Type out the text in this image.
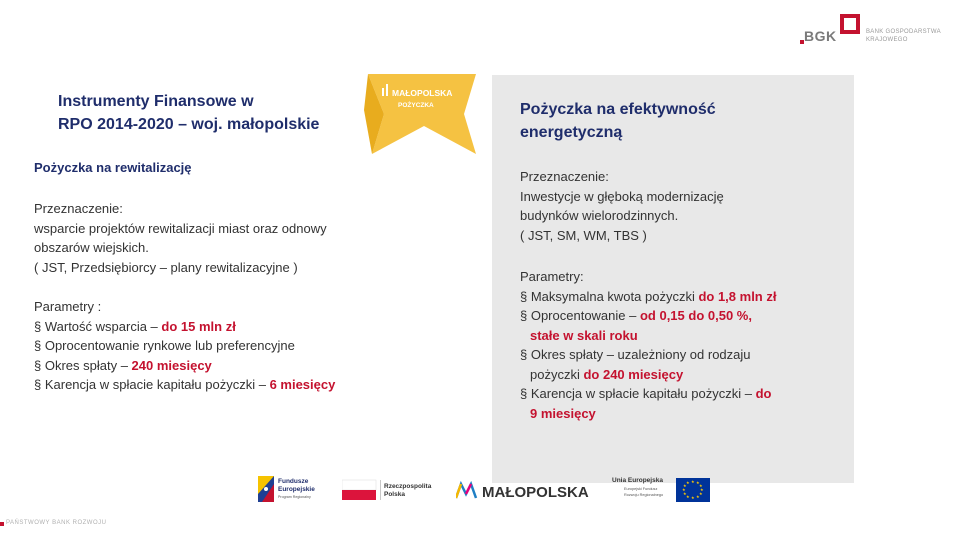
BGK	BANK GOSPODARSTWA
KRAJOWEGO
Instrumenty Finansowe w
RPO 2014-2020 – woj. małopolskie
Pożyczka na rewitalizację
Przeznaczenie:
wsparcie projektów rewitalizacji miast oraz odnowy obszarów wiejskich.
( JST, Przedsiębiorcy – plany rewitalizacyjne )
Parametry :
§ Wartość wsparcia – do 15 mln zł
§ Oprocentowanie rynkowe lub preferencyjne
§ Okres spłaty – 240 miesięcy
§ Karencja w spłacie kapitału pożyczki – 6 miesięcy
MAŁOPOLSKA
POŻYCZKA	Pożyczka na efektywność
energetyczną
Przeznaczenie:
Inwestycje w głęboką modernizację
budynków wielorodzinnych.
( JST, SM, WM, TBS )
Parametry:
§ Maksymalna kwota pożyczki do 1,8 mln zł
§ Oprocentowanie – od 0,15 do 0,50 %,
stałe w skali roku
§ Okres spłaty – uzależniony od rodzaju
pożyczki do 240 miesięcy
§ Karencja w spłacie kapitału pożyczki – do
9 miesięcy
Fundusze
Europejskie
Program Regionalny
Rzeczpospolita
Polska	MAŁOPOLSKA
Unia Europejska
Europejski Fundusz
Rozwoju Regionalnego
★ ★
★
★
★
★
★
★
★
★
★
★
PAŃSTWOWY BANK ROZWOJU
